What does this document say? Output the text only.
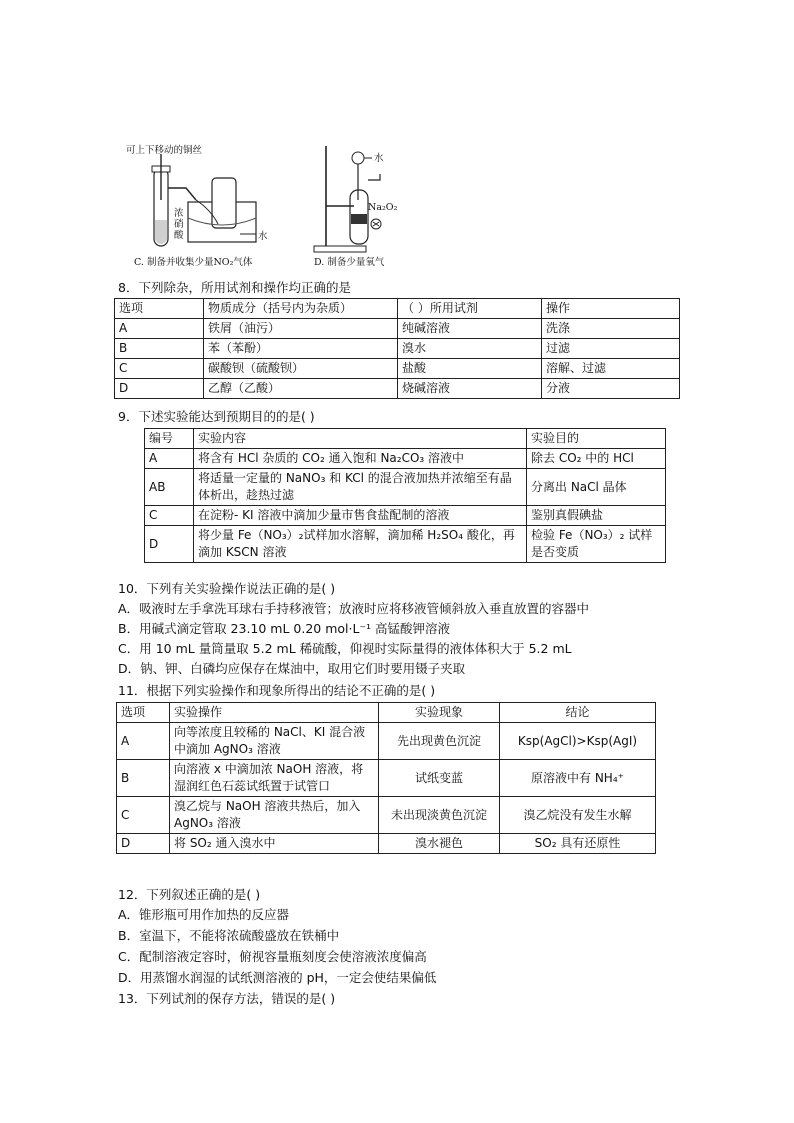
可上下移动的铜丝
浓硝酸	水
C. 制备并收集少量NO₂气体
水
Na₂O₂
D. 制备少量氧气
8．下列除杂，所用试剂和操作均正确的是
选项	物质成分（括号内为杂质）	（ ）所用试剂	操作
A	铁屑（油污）	纯碱溶液	洗涤
B	苯（苯酚）	溴水	过滤
C	碳酸钡（硫酸钡）	盐酸	溶解、过滤
D	乙醇（乙酸）	烧碱溶液	分液
9．下述实验能达到预期目的的是( )
编号	实验内容	实验目的
A	将含有 HCl 杂质的 CO₂ 通入饱和 Na₂CO₃ 溶液中	除去 CO₂ 中的 HCl
AB	将适量一定量的 NaNO₃ 和 KCl 的混合液加热并浓缩至有晶体析出，趁热过滤	分离出 NaCl 晶体
C	在淀粉- KI 溶液中滴加少量市售食盐配制的溶液	鉴别真假碘盐
D	将少量 Fe（NO₃）₂试样加水溶解，滴加稀 H₂SO₄ 酸化，再滴加 KSCN 溶液	检验 Fe（NO₃）₂ 试样是否变质
10．下列有关实验操作说法正确的是( )
A．吸液时左手拿洗耳球右手持移液管；放液时应将移液管倾斜放入垂直放置的容器中
B．用碱式滴定管取 23.10 mL 0.20 mol·L⁻¹ 高锰酸钾溶液
C．用 10 mL 量筒量取 5.2 mL 稀硫酸，仰视时实际量得的液体体积大于 5.2 mL
D．钠、钾、白磷均应保存在煤油中，取用它们时要用镊子夹取
11．根据下列实验操作和现象所得出的结论不正确的是( )
选项	实验操作	实验现象	结论
A	向等浓度且较稀的 NaCl、KI 混合液中滴加 AgNO₃ 溶液	先出现黄色沉淀	Ksp(AgCl)>Ksp(AgI)
B	向溶液 x 中滴加浓 NaOH 溶液，将湿润红色石蕊试纸置于试管口	试纸变蓝	原溶液中有 NH₄⁺
C	溴乙烷与 NaOH 溶液共热后，加入 AgNO₃ 溶液	未出现淡黄色沉淀	溴乙烷没有发生水解
D	将 SO₂ 通入溴水中	溴水褪色	SO₂ 具有还原性
12．下列叙述正确的是( )
A．锥形瓶可用作加热的反应器
B．室温下，不能将浓硫酸盛放在铁桶中
C．配制溶液定容时，俯视容量瓶刻度会使溶液浓度偏高
D．用蒸馏水润湿的试纸测溶液的 pH，一定会使结果偏低
13．下列试剂的保存方法，错误的是( )
